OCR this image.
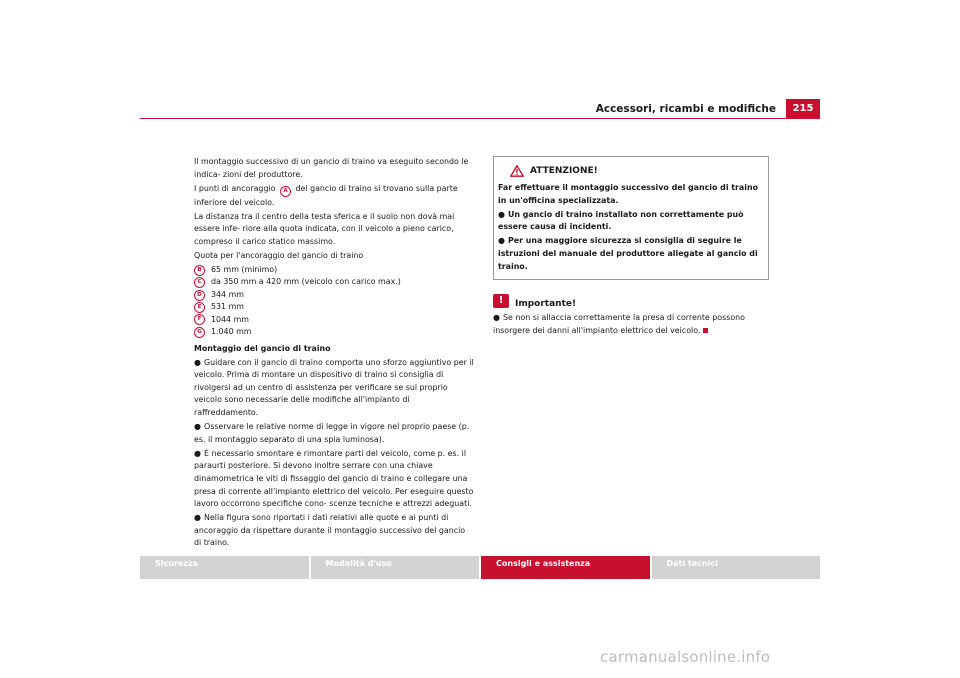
Accessori, ricambi e modifiche	215

Il montaggio successivo di un gancio di traino va eseguito secondo le indica- zioni del produttore.

I punti di ancoraggio A del gancio di traino si trovano sulla parte inferiore del veicolo.

La distanza tra il centro della testa sferica e il suolo non dovà mai essere infe- riore alla quota indicata, con il veicolo a pieno carico, compreso il carico statico massimo.

Quota per l'ancoraggio del gancio di traino

B	65 mm (minimo)
C	da 350 mm a 420 mm (veicolo con carico max.)
D	344 mm
E	531 mm
F	1044 mm
G	1.040 mm

Montaggio del gancio di traino

● Guidare con il gancio di traino comporta uno sforzo aggiuntivo per il veicolo. Prima di montare un dispositivo di traino si consiglia di rivolgersi ad un centro di assistenza per verificare se sul proprio veicolo sono necessarie delle modifiche all'impianto di raffreddamento.

● Osservare le relative norme di legge in vigore nel proprio paese (p. es. il montaggio separato di una spia luminosa).

● È necessario smontare e rimontare parti del veicolo, come p. es. il paraurti posteriore. Si devono inoltre serrare con una chiave dinamometrica le viti di fissaggio del gancio di traino e collegare una presa di corrente all'impianto elettrico del veicolo. Per eseguire questo lavoro occorrono specifiche cono- scenze tecniche e attrezzi adeguati.

● Nella figura sono riportati i dati relativi alle quote e ai punti di ancoraggio da rispettare durante il montaggio successivo del gancio di traino.

ATTENZIONE!

Far effettuare il montaggio successivo del gancio di traino in un'officina specializzata.

● Un gancio di traino installato non correttamente può essere causa di incidenti.

● Per una maggiore sicurezza si consiglia di seguire le istruzioni del manuale del produttore allegate al gancio di traino.

!	Importante!

● Se non si allaccia correttamente la presa di corrente possono insorgere dei danni all'impianto elettrico del veicolo.

Sicurezza	Modalità d'uso	Consigli e assistenza	Dati tecnici
carmanualsonline.info
